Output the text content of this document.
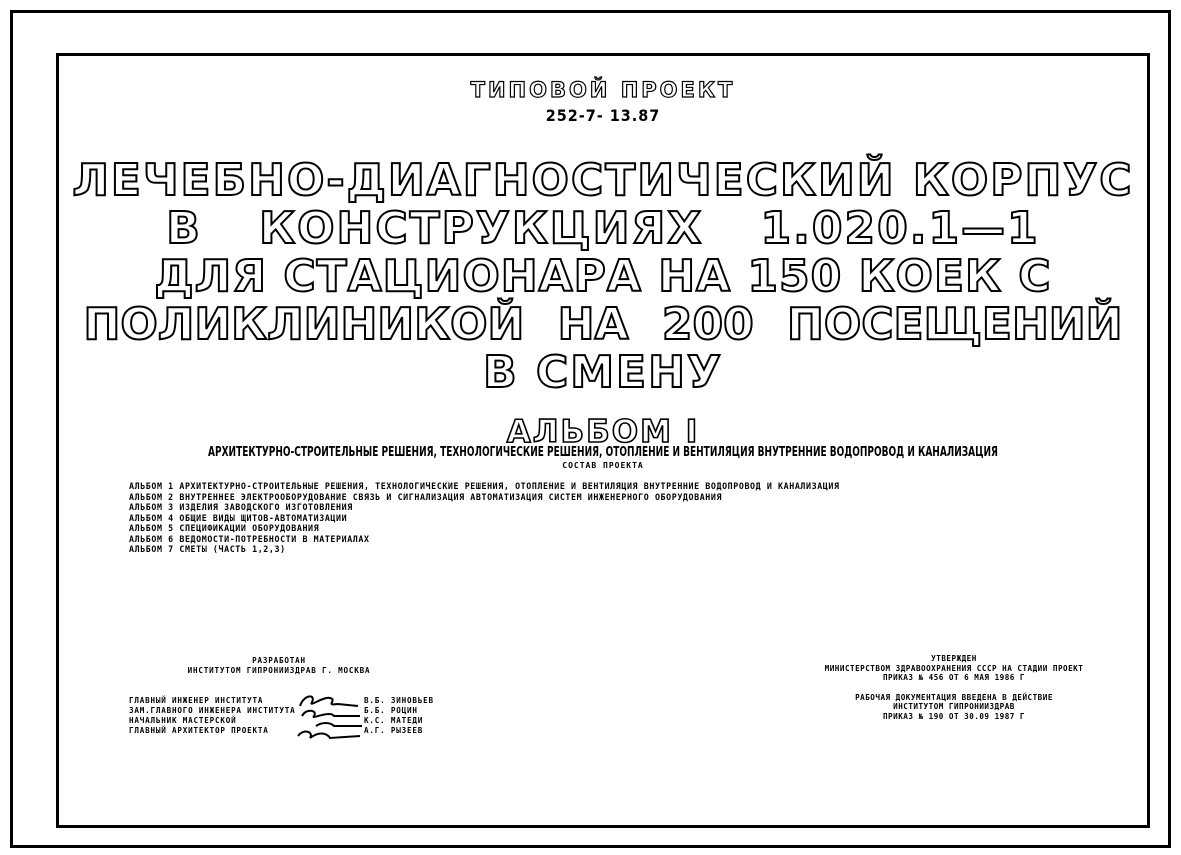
ТИПОВОЙ ПРОЕКТ
252-7- 13.87
ЛЕЧЕБНО-ДИАГНОСТИЧЕСКИЙ КОРПУС
В КОНСТРУКЦИЯХ 1.020.1—1
ДЛЯ СТАЦИОНАРА НА 150 КОЕК С
ПОЛИКЛИНИКОЙ НА 200 ПОСЕЩЕНИЙ
В СМЕНУ
АЛЬБОМ I
АРХИТЕКТУРНО-СТРОИТЕЛЬНЫЕ РЕШЕНИЯ, ТЕХНОЛОГИЧЕСКИЕ РЕШЕНИЯ, ОТОПЛЕНИЕ И ВЕНТИЛЯЦИЯ ВНУТРЕННИЕ ВОДОПРОВОД И КАНАЛИЗАЦИЯ
СОСТАВ ПРОЕКТА
АЛЬБОМ 1 АРХИТЕКТУРНО-СТРОИТЕЛЬНЫЕ РЕШЕНИЯ, ТЕХНОЛОГИЧЕСКИЕ РЕШЕНИЯ, ОТОПЛЕНИЕ И ВЕНТИЛЯЦИЯ ВНУТРЕННИЕ ВОДОПРОВОД И КАНАЛИЗАЦИЯ
АЛЬБОМ 2 ВНУТРЕННЕЕ ЭЛЕКТРООБОРУДОВАНИЕ СВЯЗЬ И СИГНАЛИЗАЦИЯ АВТОМАТИЗАЦИЯ СИСТЕМ ИНЖЕНЕРНОГО ОБОРУДОВАНИЯ
АЛЬБОМ 3 ИЗДЕЛИЯ ЗАВОДСКОГО ИЗГОТОВЛЕНИЯ
АЛЬБОМ 4 ОБЩИЕ ВИДЫ ЩИТОВ-АВТОМАТИЗАЦИИ
АЛЬБОМ 5 СПЕЦИФИКАЦИИ ОБОРУДОВАНИЯ
АЛЬБОМ 6 ВЕДОМОСТИ-ПОТРЕБНОСТИ В МАТЕРИАЛАХ
АЛЬБОМ 7 СМЕТЫ (ЧАСТЬ 1,2,3)
РАЗРАБОТАН
ИНСТИТУТОМ ГИПРОНИИЗДРАВ Г. МОСКВА
ГЛАВНЫЙ ИНЖЕНЕР ИНСТИТУТА	В.Б. ЗИНОВЬЕВ
ЗАМ.ГЛАВНОГО ИНЖЕНЕРА ИНСТИТУТА	Б.Б. РОЦИН
НАЧАЛЬНИК МАСТЕРСКОЙ	К.С. МАТЕДИ
ГЛАВНЫЙ АРХИТЕКТОР ПРОЕКТА	А.Г. РЫЗЕЕВ
УТВЕРЖДЕН
МИНИСТЕРСТВОМ ЗДРАВООХРАНЕНИЯ СССР НА СТАДИИ ПРОЕКТ
ПРИКАЗ № 456 ОТ 6 МАЯ 1986 Г
РАБОЧАЯ ДОКУМЕНТАЦИЯ ВВЕДЕНА В ДЕЙСТВИЕ
ИНСТИТУТОМ ГИПРОНИИЗДРАВ
ПРИКАЗ № 190 ОТ 30.09 1987 Г
